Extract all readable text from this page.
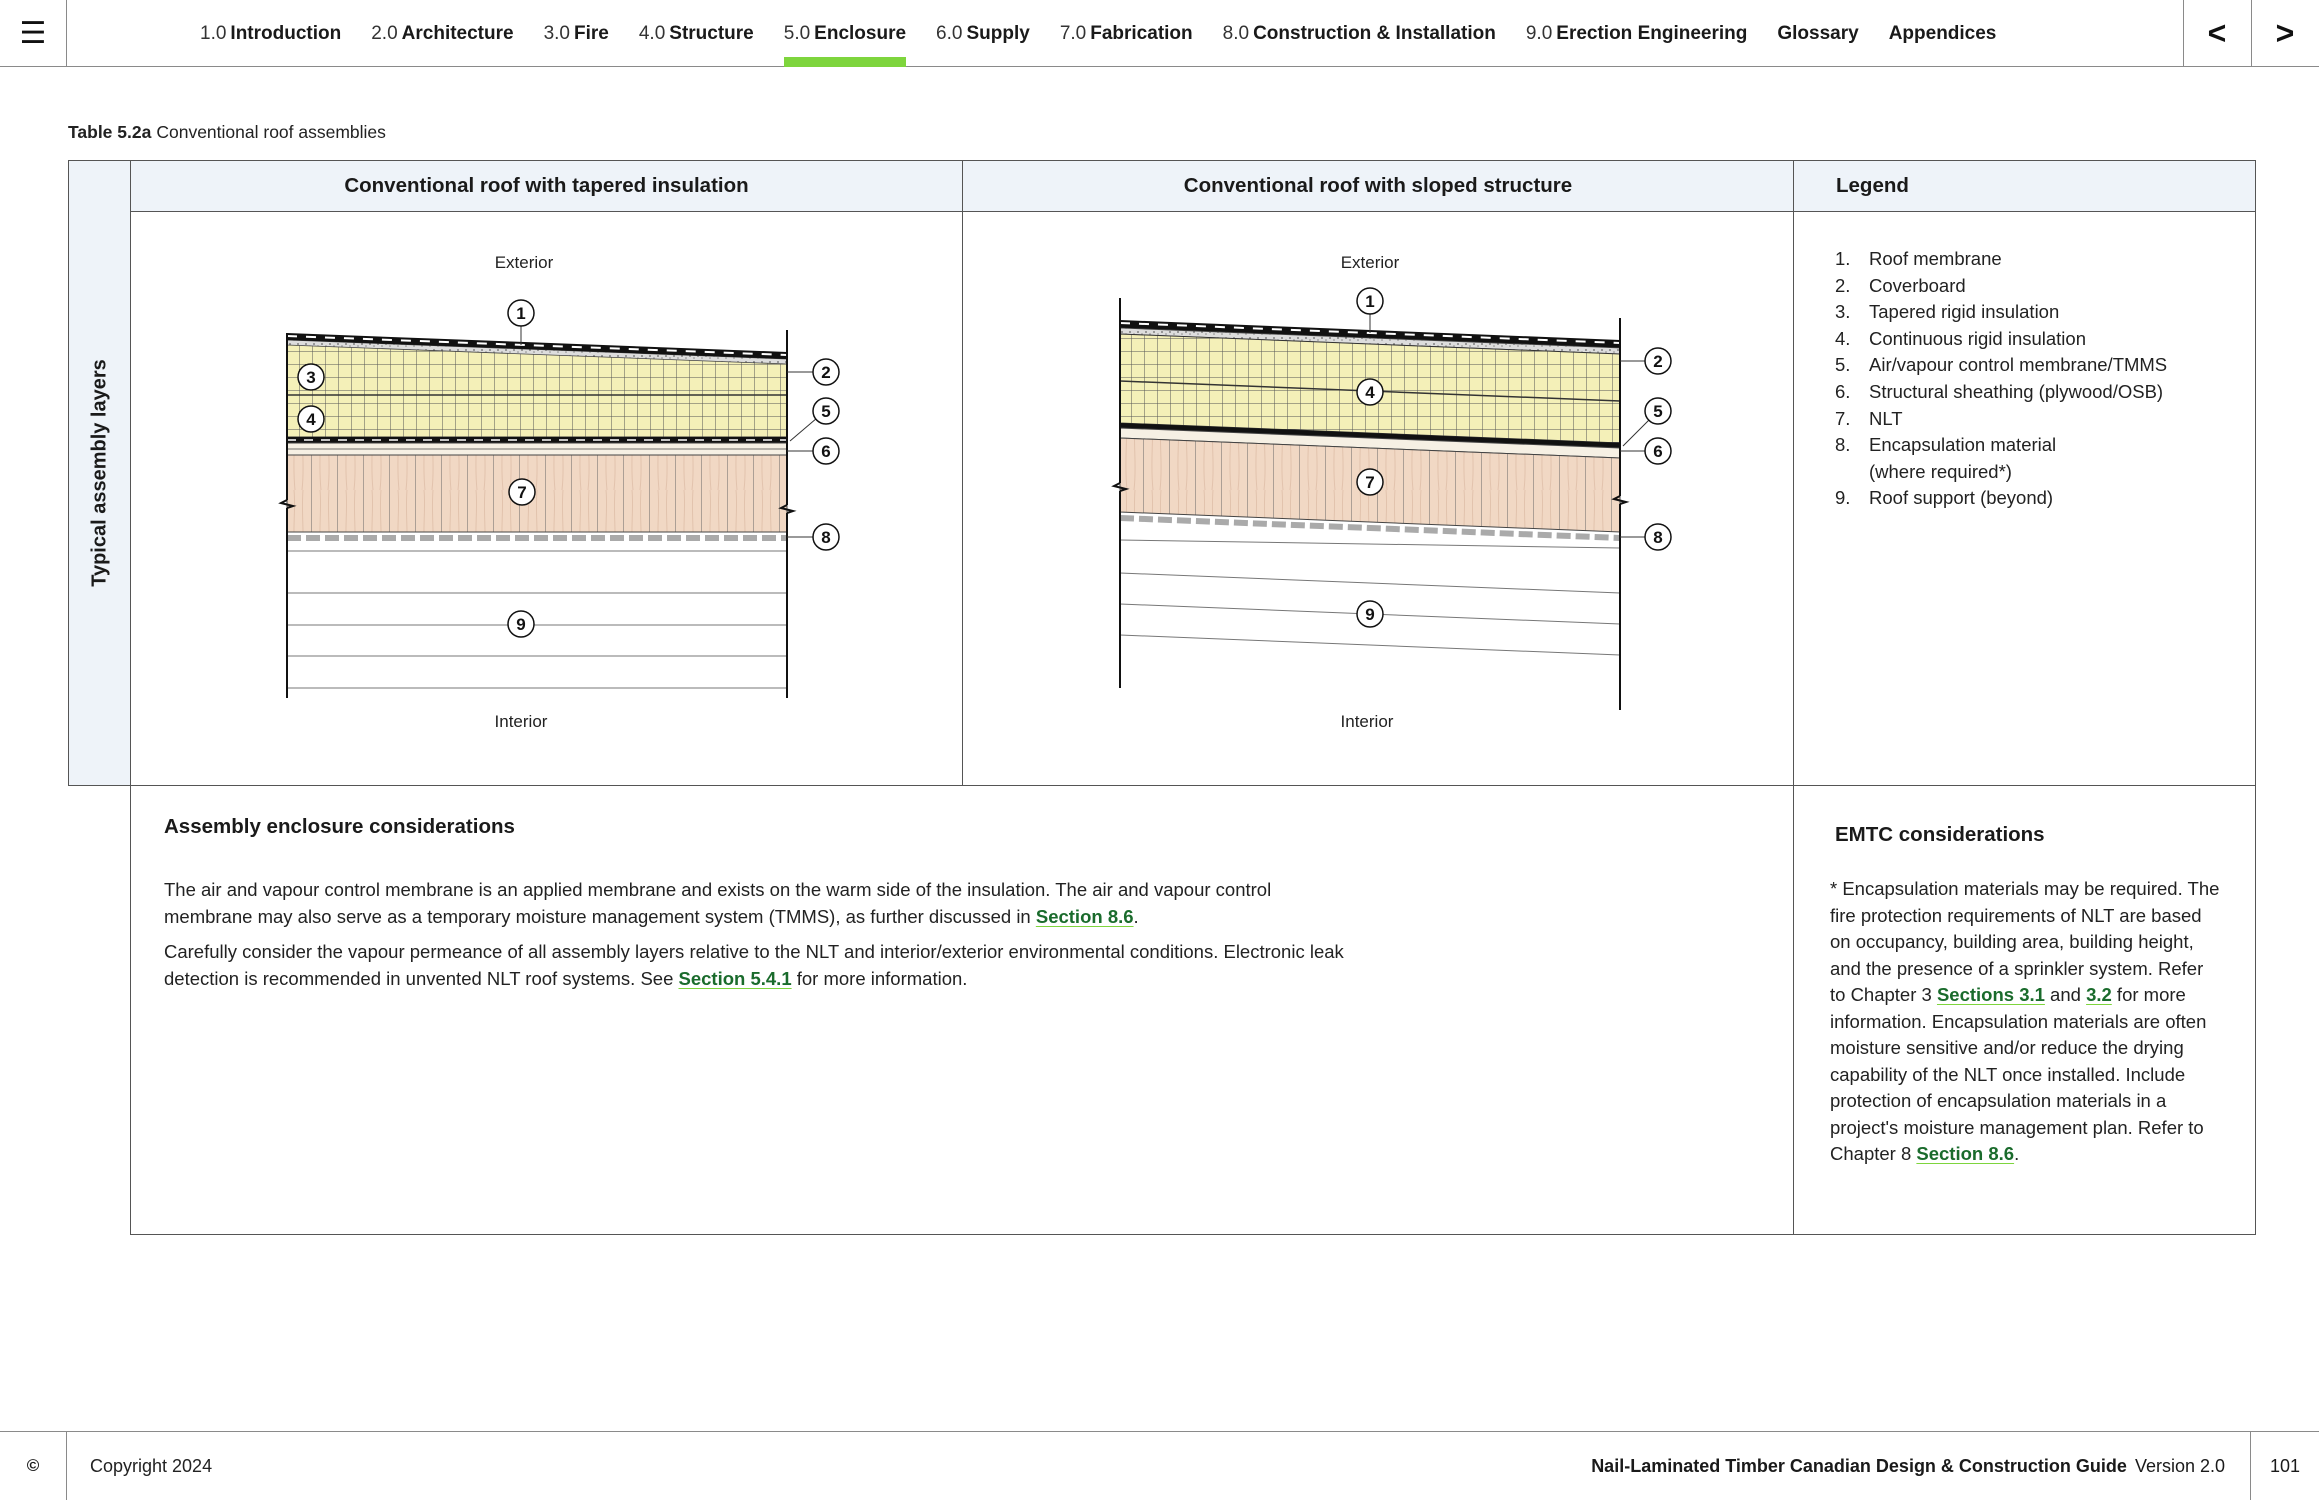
☰	1.0 Introduction 2.0 Architecture 3.0 Fire 4.0 Structure 5.0 Enclosure 6.0 Supply 7.0 Fabrication 8.0 Construction & Installation 9.0 Erection Engineering Glossary Appendices	< >
Table 5.2a Conventional roof assemblies
Typical assembly layers
Conventional roof with tapered insulation	Conventional roof with sloped structure	Legend
Exterior
Interior
1
2
3
4	5
6
7
8
9
Exterior
Interior
1
2
4
5
6
7
8
9
1.	Roof membrane
2.	Coverboard
3.	Tapered rigid insulation
4.	Continuous rigid insulation
5.	Air/vapour control membrane/TMMS
6.	Structural sheathing (plywood/OSB)
7.	NLT
8.	Encapsulation material (where required*)
9.	Roof support (beyond)
Assembly enclosure considerations

The air and vapour control membrane is an applied membrane and exists on the warm side of the insulation. The air and vapour control membrane may also serve as a temporary moisture management system (TMMS), as further discussed in Section 8.6.

Carefully consider the vapour permeance of all assembly layers relative to the NLT and interior/exterior environmental conditions. Electronic leak detection is recommended in unvented NLT roof systems. See Section 5.4.1 for more information.

EMTC considerations

* Encapsulation materials may be required. The fire protection requirements of NLT are based on occupancy, building area, building height, and the presence of a sprinkler system. Refer to Chapter 3 Sections 3.1 and 3.2 for more information. Encapsulation materials are often moisture sensitive and/or reduce the drying capability of the NLT once installed. Include protection of encapsulation materials in a project's moisture management plan. Refer to Chapter 8 Section 8.6.

©	Copyright 2024	Nail-Laminated Timber Canadian Design & Construction Guide Version 2.0	101
